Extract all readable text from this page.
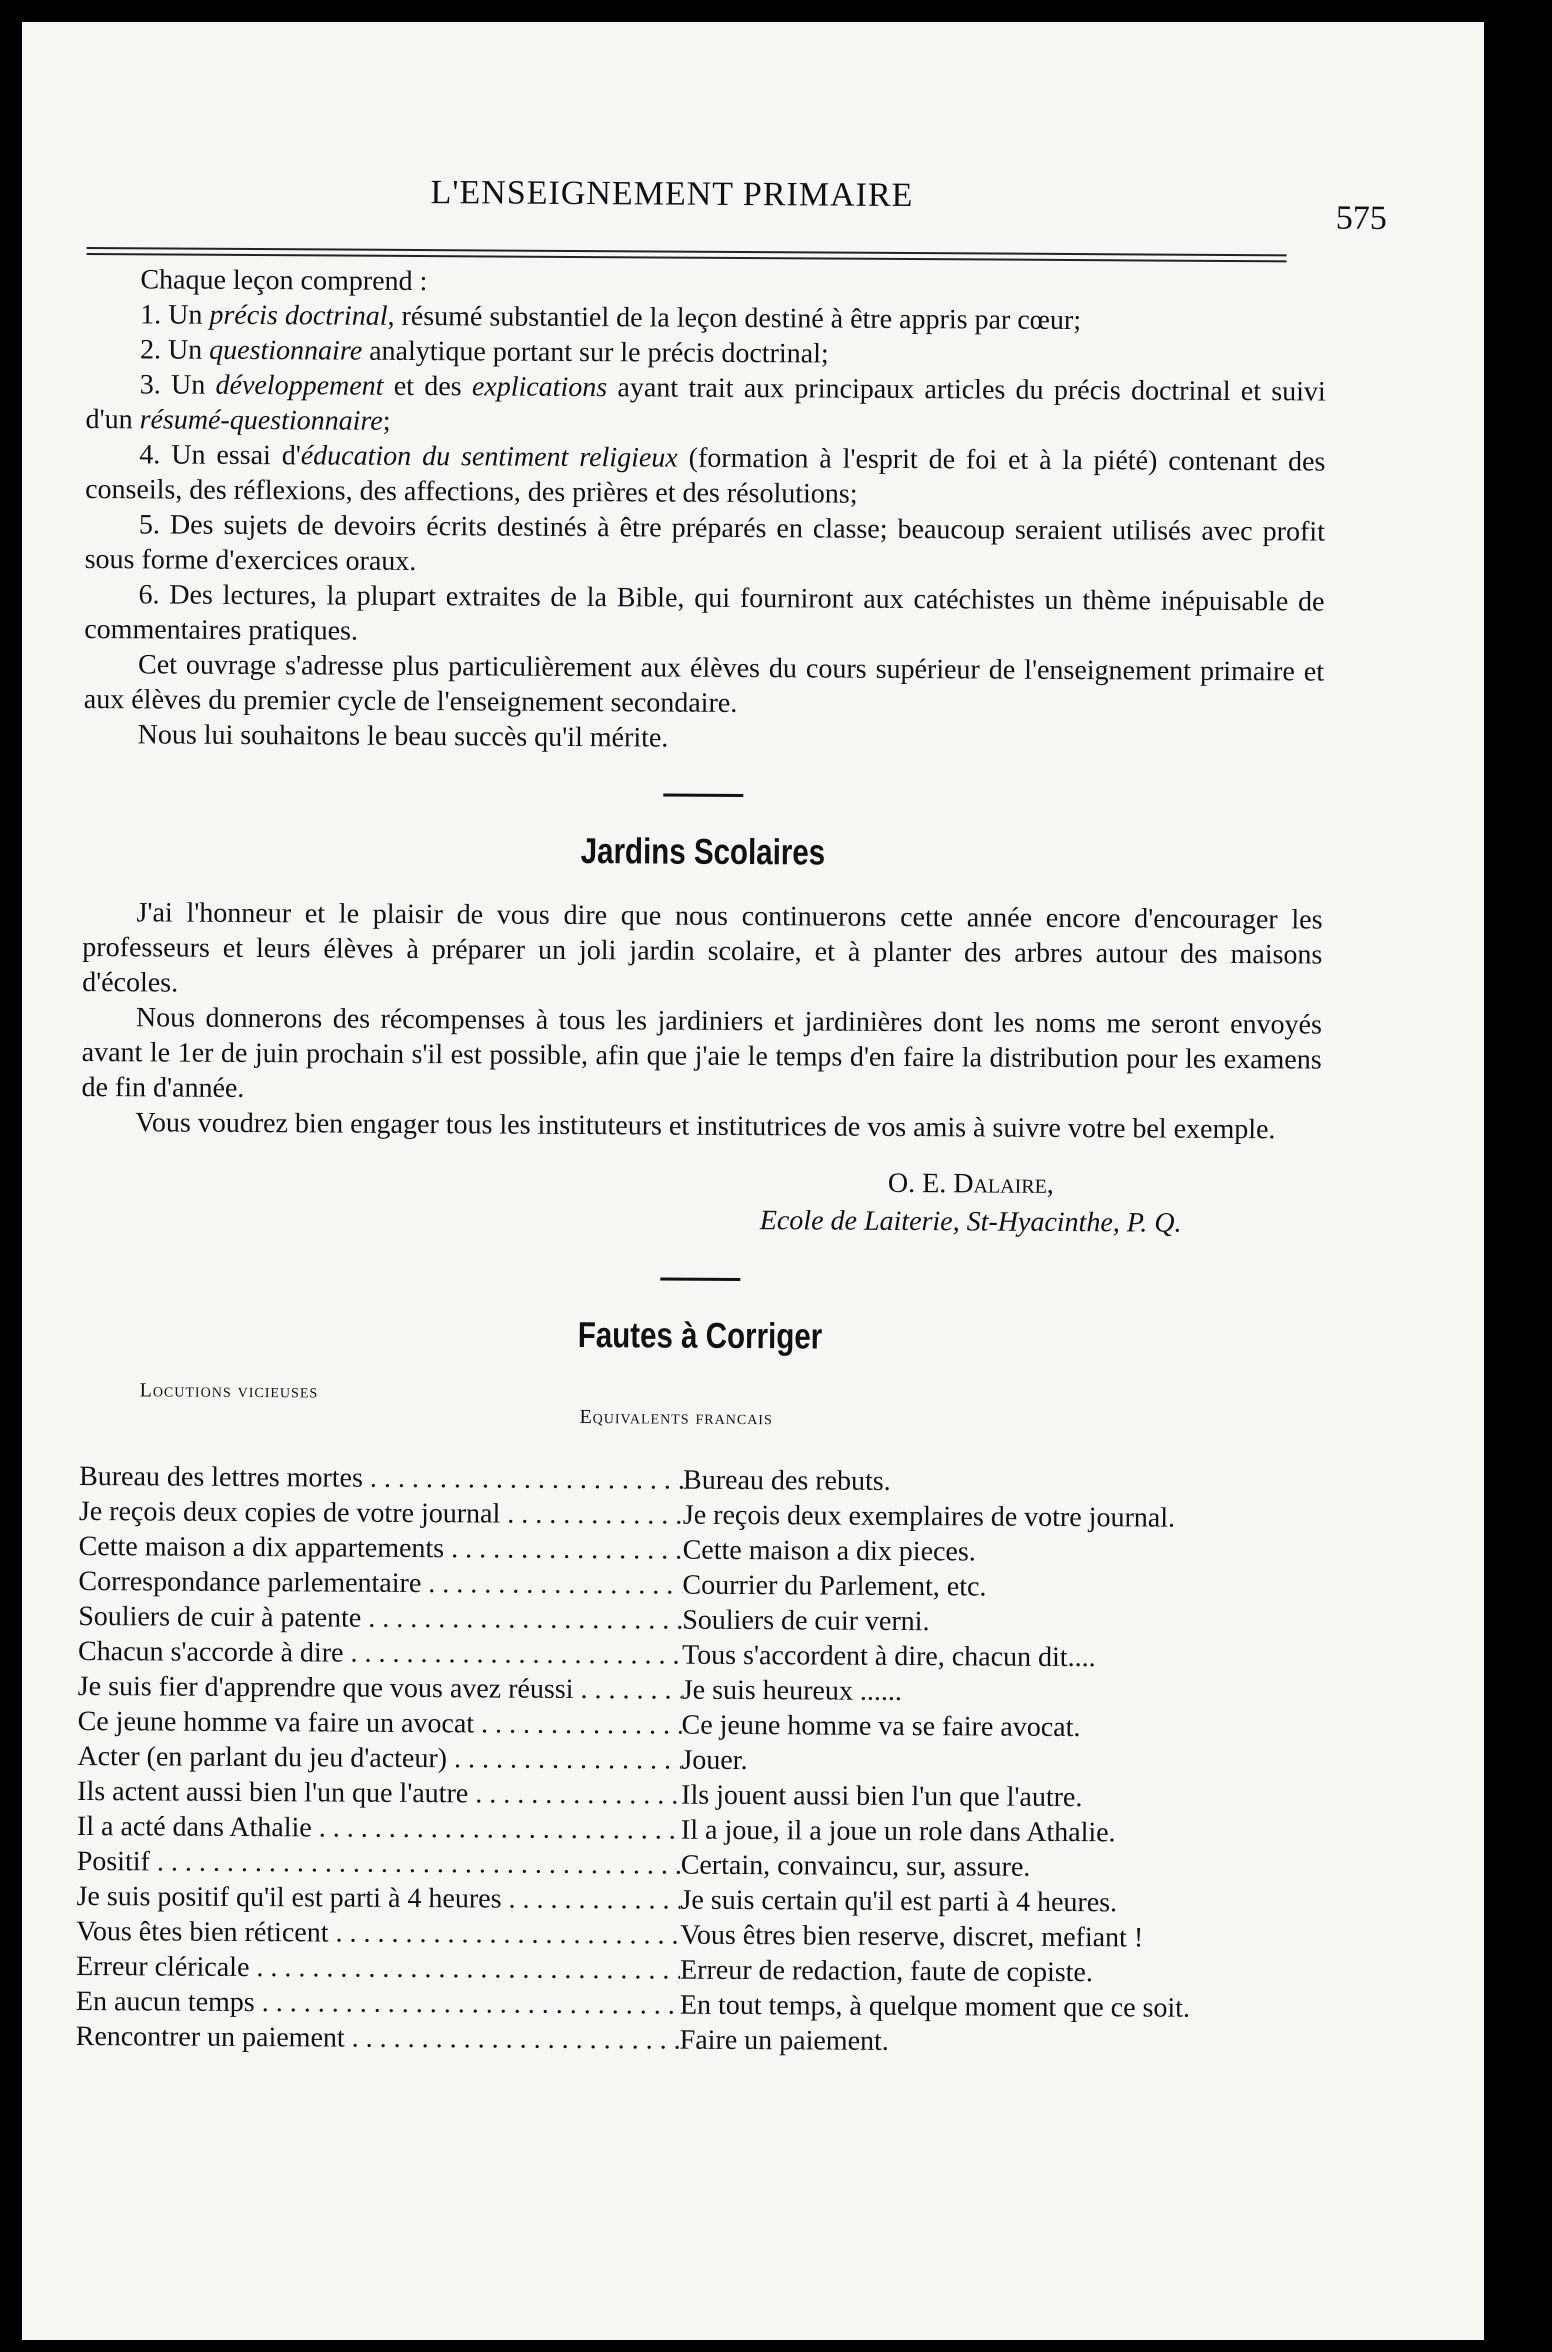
L'ENSEIGNEMENT PRIMAIRE
575

Chaque leçon comprend :

1. Un précis doctrinal, résumé substantiel de la leçon destiné à être appris par cœur;

2. Un questionnaire analytique portant sur le précis doctrinal;

3. Un développement et des explications ayant trait aux principaux articles du précis doctrinal et suivi d'un résumé-questionnaire;

4. Un essai d'éducation du sentiment religieux (formation à l'esprit de foi et à la piété) contenant des conseils, des réflexions, des affections, des prières et des résolutions;

5. Des sujets de devoirs écrits destinés à être préparés en classe; beaucoup seraient utilisés avec profit sous forme d'exercices oraux.

6. Des lectures, la plupart extraites de la Bible, qui fourniront aux catéchistes un thème inépuisable de commentaires pratiques.

Cet ouvrage s'adresse plus particulièrement aux élèves du cours supérieur de l'enseignement primaire et aux élèves du premier cycle de l'enseignement secondaire.

Nous lui souhaitons le beau succès qu'il mérite.

Jardins Scolaires

J'ai l'honneur et le plaisir de vous dire que nous continuerons cette année encore d'encourager les professeurs et leurs élèves à préparer un joli jardin scolaire, et à planter des arbres autour des maisons d'écoles.

Nous donnerons des récompenses à tous les jardiniers et jardinières dont les noms me seront envoyés avant le 1er de juin prochain s'il est possible, afin que j'aie le temps d'en faire la distribution pour les examens de fin d'année.

Vous voudrez bien engager tous les instituteurs et institutrices de vos amis à suivre votre bel exemple.

O. E. Dalaire,
Ecole de Laiterie, St-Hyacinthe, P. Q.
Fautes à Corriger
Locutions vicieuses
Equivalents francais
Bureau des lettres mortes . . .	Bureau des rebuts.
Je reçois deux copies de votre journal . . .	Je reçois deux exemplaires de votre journal.
Cette maison a dix appartements . . .	Cette maison a dix pieces.
Correspondance parlementaire . . .	Courrier du Parlement, etc.
Souliers de cuir à patente . . .	Souliers de cuir verni.
Chacun s'accorde à dire . . .	Tous s'accordent à dire, chacun dit....
Je suis fier d'apprendre que vous avez réussi . . .	Je suis heureux ......
Ce jeune homme va faire un avocat . . .	Ce jeune homme va se faire avocat.
Acter (en parlant du jeu d'acteur) . . .	Jouer.
Ils actent aussi bien l'un que l'autre . . .	Ils jouent aussi bien l'un que l'autre.
Il a acté dans Athalie . . .	Il a joue, il a joue un role dans Athalie.
Positif . . .	Certain, convaincu, sur, assure.
Je suis positif qu'il est parti à 4 heures . . .	Je suis certain qu'il est parti à 4 heures.
Vous êtes bien réticent . . .	Vous êtres bien reserve, discret, mefiant !
Erreur cléricale . . .	Erreur de redaction, faute de copiste.
En aucun temps . . .	En tout temps, à quelque moment que ce soit.
Rencontrer un paiement . . .	Faire un paiement.
